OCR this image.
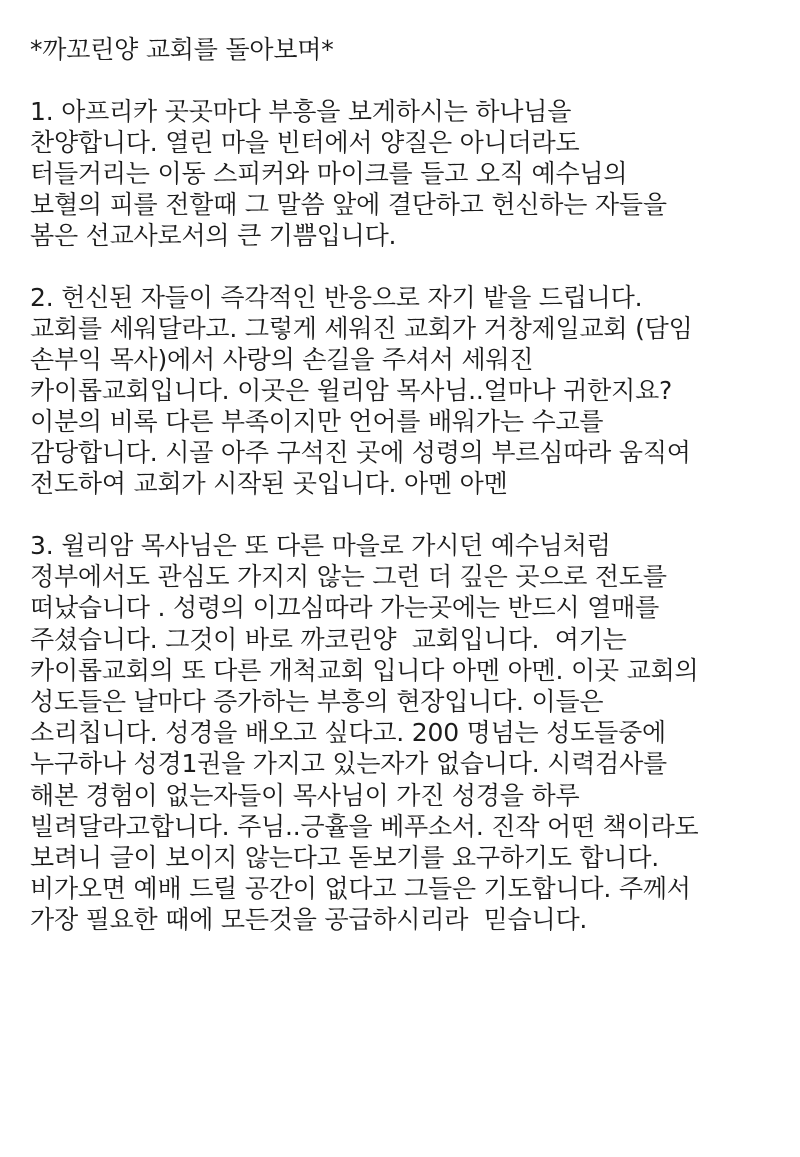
*까꼬린양 교회를 돌아보며*
1. 아프리카 곳곳마다 부흥을 보게하시는 하나님을
찬양합니다. 열린 마을 빈터에서 양질은 아니더라도
터들거리는 이동 스피커와 마이크를 들고 오직 예수님의
보혈의 피를 전할때 그 말씀 앞에 결단하고 헌신하는 자들을
봄은 선교사로서의 큰 기쁨입니다.
2. 헌신된 자들이 즉각적인 반응으로 자기 밭을 드립니다.
교회를 세워달라고. 그렇게 세워진 교회가 거창제일교회 (담임
손부익 목사)에서 사랑의 손길을 주셔서 세워진
카이롭교회입니다. 이곳은 윌리암 목사님..얼마나 귀한지요?
이분의 비록 다른 부족이지만 언어를 배워가는 수고를
감당합니다. 시골 아주 구석진 곳에 성령의 부르심따라 움직여
전도하여 교회가 시작된 곳입니다. 아멘 아멘
3. 윌리암 목사님은 또 다른 마을로 가시던 예수님처럼
정부에서도 관심도 가지지 않는 그런 더 깊은 곳으로 전도를
떠났습니다 . 성령의 이끄심따라 가는곳에는 반드시 열매를
주셨습니다. 그것이 바로 까코린양  교회입니다.  여기는
카이롭교회의 또 다른 개척교회 입니다 아멘 아멘. 이곳 교회의
성도들은 날마다 증가하는 부흥의 현장입니다. 이들은
소리칩니다. 성경을 배오고 싶다고. 200 명넘는 성도들중에
누구하나 성경1권을 가지고 있는자가 없습니다. 시력검사를
해본 경험이 없는자들이 목사님이 가진 성경을 하루
빌려달라고합니다. 주님..긍휼을 베푸소서. 진작 어떤 책이라도
보려니 글이 보이지 않는다고 돋보기를 요구하기도 합니다.
비가오면 예배 드릴 공간이 없다고 그들은 기도합니다. 주께서
가장 필요한 때에 모든것을 공급하시리라  믿습니다.
